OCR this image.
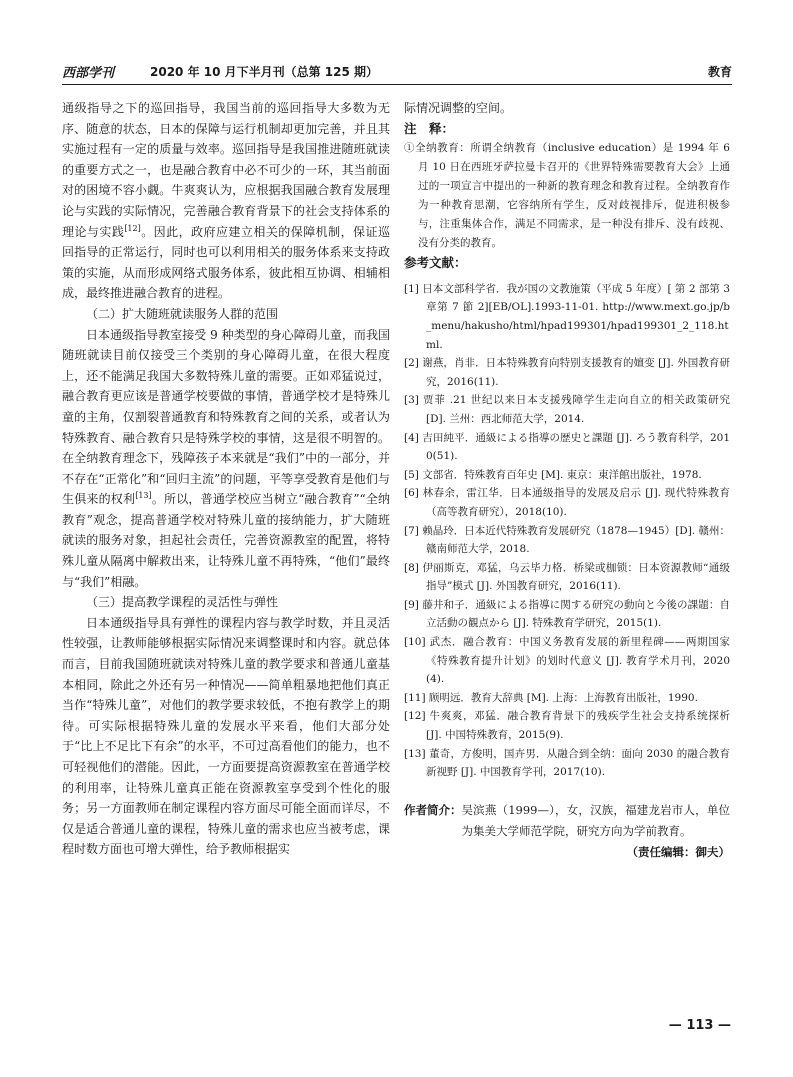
西部学刊	2020 年 10 月下半月刊（总第 125 期）	教育

通级指导之下的巡回指导，我国当前的巡回指导大多数为无序、随意的状态，日本的保障与运行机制却更加完善，并且其实施过程有一定的质量与效率。巡回指导是我国推进随班就读的重要方式之一，也是融合教育中必不可少的一环，其当前面对的困境不容小觑。牛爽爽认为，应根据我国融合教育发展理论与实践的实际情况，完善融合教育背景下的社会支持体系的理论与实践[12]。因此，政府应建立相关的保障机制，保证巡回指导的正常运行，同时也可以利用相关的服务体系来支持政策的实施，从而形成网络式服务体系，彼此相互协调、相辅相成，最终推进融合教育的进程。

（二）扩大随班就读服务人群的范围

日本通级指导教室接受 9 种类型的身心障碍儿童，而我国随班就读目前仅接受三个类别的身心障碍儿童，在很大程度上，还不能满足我国大多数特殊儿童的需要。正如邓猛说过，融合教育更应该是普通学校要做的事情，普通学校才是特殊儿童的主角，仅割裂普通教育和特殊教育之间的关系，或者认为特殊教育、融合教育只是特殊学校的事情，这是很不明智的。在全纳教育理念下，残障孩子本来就是“我们”中的一部分，并不存在“正常化”和“回归主流”的问题，平等享受教育是他们与生俱来的权利[13]。所以，普通学校应当树立“融合教育”“全纳教育”观念，提高普通学校对特殊儿童的接纳能力，扩大随班就读的服务对象，担起社会责任，完善资源教室的配置，将特殊儿童从隔离中解救出来，让特殊儿童不再特殊，“他们”最终与“我们”相融。

（三）提高教学课程的灵活性与弹性

日本通级指导具有弹性的课程内容与教学时数，并且灵活性较强，让教师能够根据实际情况来调整课时和内容。就总体而言，目前我国随班就读对特殊儿童的教学要求和普通儿童基本相同，除此之外还有另一种情况——简单粗暴地把他们真正当作“特殊儿童”，对他们的教学要求较低，不抱有教学上的期待。可实际根据特殊儿童的发展水平来看，他们大部分处于“比上不足比下有余”的水平，不可过高看他们的能力，也不可轻视他们的潜能。因此，一方面要提高资源教室在普通学校的利用率，让特殊儿童真正能在资源教室享受到个性化的服务；另一方面教师在制定课程内容方面尽可能全面而详尽，不仅是适合普通儿童的课程，特殊儿童的需求也应当被考虑，课程时数方面也可增大弹性，给予教师根据实

际情况调整的空间。

注　释：

①全纳教育：所谓全纳教育（inclusive education）是 1994 年 6 月 10 日在西班牙萨拉曼卡召开的《世界特殊需要教育大会》上通过的一项宣言中提出的一种新的教育理念和教育过程。全纳教育作为一种教育思潮，它容纳所有学生，反对歧视排斥，促进积极参与，注重集体合作，满足不同需求，是一种没有排斥、没有歧视、没有分类的教育。

参考文献：

[1] 日本文部科学省．我が国の文教施策（平成 5 年度）[ 第 2 部第 3 章第 7 節 2][EB/OL].1993-11-01. http://www.mext.go.jp/b_menu/hakusho/html/hpad199301/hpad199301_2_118.html.
[2] 谢燕，肖非．日本特殊教育向特别支援教育的嬗变 [J]. 外国教育研究，2016(11).
[3] 贾菲 .21 世纪以来日本支援残障学生走向自立的相关政策研究 [D]. 兰州：西北师范大学，2014.
[4] 吉田純平．通級による指導の歴史と課題 [J]. ろう教育科学，2010(51).
[5] 文部省．特殊教育百年史 [M]. 東京：東洋館出版社，1978.
[6] 林春余，雷江华．日本通级指导的发展及启示 [J]. 现代特殊教育（高等教育研究），2018(10).
[7] 赖晶玲．日本近代特殊教育发展研究（1878—1945）[D]. 赣州：赣南师范大学，2018.
[8] 伊丽斯克，邓猛，乌云毕力格．桥梁或枷锁：日本资源教师“通级指导”模式 [J]. 外国教育研究，2016(11).
[9] 藤井和子．通級による指導に関する研究の動向と今後の課題：自立活動の観点から [J]. 特殊教育学研究，2015(1).
[10] 武杰．融合教育：中国义务教育发展的新里程碑——两期国家《特殊教育提升计划》的划时代意义 [J]. 教育学术月刊，2020(4).
[11] 顾明远．教育大辞典 [M]. 上海：上海教育出版社，1990.
[12] 牛爽爽，邓猛．融合教育背景下的残疾学生社会支持系统探析 [J]. 中国特殊教育，2015(9).
[13] 董奇，方俊明，国卉男．从融合到全纳：面向 2030 的融合教育新视野 [J]. 中国教育学刊，2017(10).
作者简介： 吴滨燕（1999—），女，汉族，福建龙岩市人，单位为集美大学师范学院，研究方向为学前教育。

（责任编辑：御夫）

— 113 —
